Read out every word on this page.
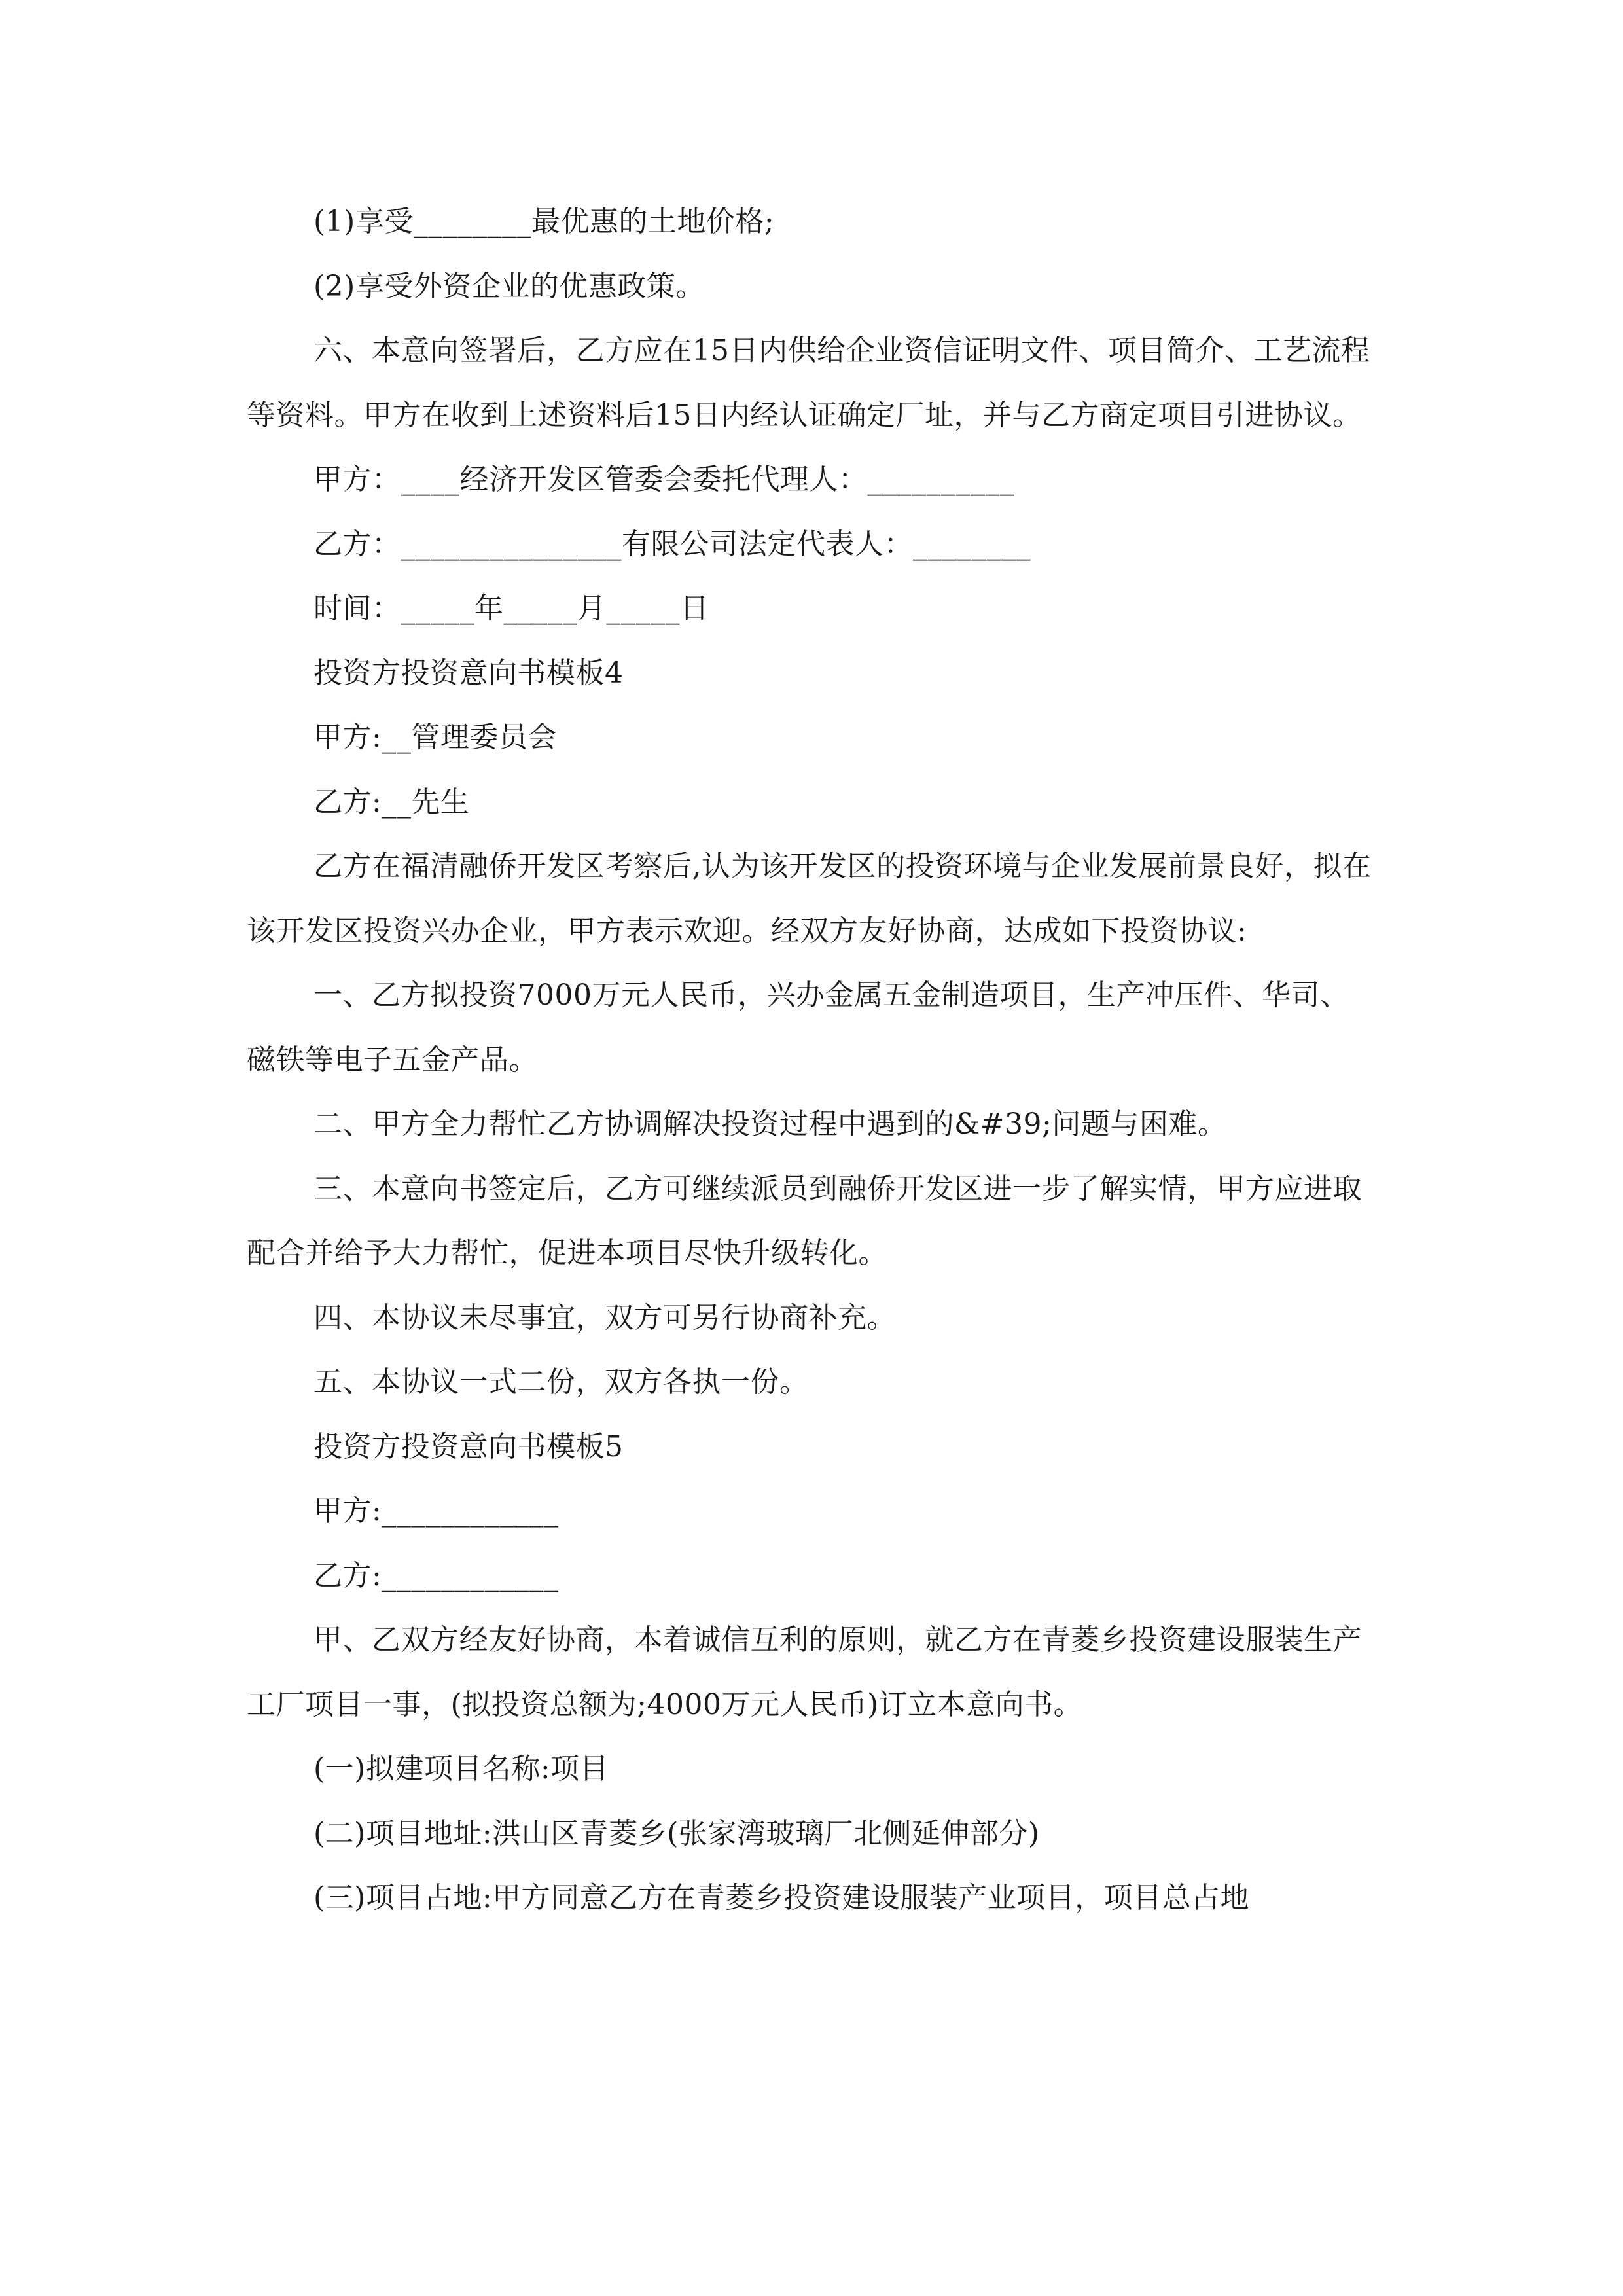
(1)享受________最优惠的土地价格;

(2)享受外资企业的优惠政策。

六、本意向签署后，乙方应在15日内供给企业资信证明文件、项目简介、工艺流程等资料。甲方在收到上述资料后15日内经认证确定厂址，并与乙方商定项目引进协议。

甲方：____经济开发区管委会委托代理人：__________

乙方：_______________有限公司法定代表人：________

时间：_____年_____月_____日

投资方投资意向书模板4

甲方:__管理委员会

乙方:__先生

乙方在福清融侨开发区考察后,认为该开发区的投资环境与企业发展前景良好，拟在该开发区投资兴办企业，甲方表示欢迎。经双方友好协商，达成如下投资协议:

一、乙方拟投资7000万元人民币，兴办金属五金制造项目，生产冲压件、华司、磁铁等电子五金产品。

二、甲方全力帮忙乙方协调解决投资过程中遇到的&#39;问题与困难。

三、本意向书签定后，乙方可继续派员到融侨开发区进一步了解实情，甲方应进取配合并给予大力帮忙，促进本项目尽快升级转化。

四、本协议未尽事宜，双方可另行协商补充。

五、本协议一式二份，双方各执一份。

投资方投资意向书模板5

甲方:____________

乙方:____________

甲、乙双方经友好协商，本着诚信互利的原则，就乙方在青菱乡投资建设服装生产工厂项目一事，(拟投资总额为;4000万元人民币)订立本意向书。

(一)拟建项目名称:项目

(二)项目地址:洪山区青菱乡(张家湾玻璃厂北侧延伸部分)

(三)项目占地:甲方同意乙方在青菱乡投资建设服装产业项目，项目总占地
